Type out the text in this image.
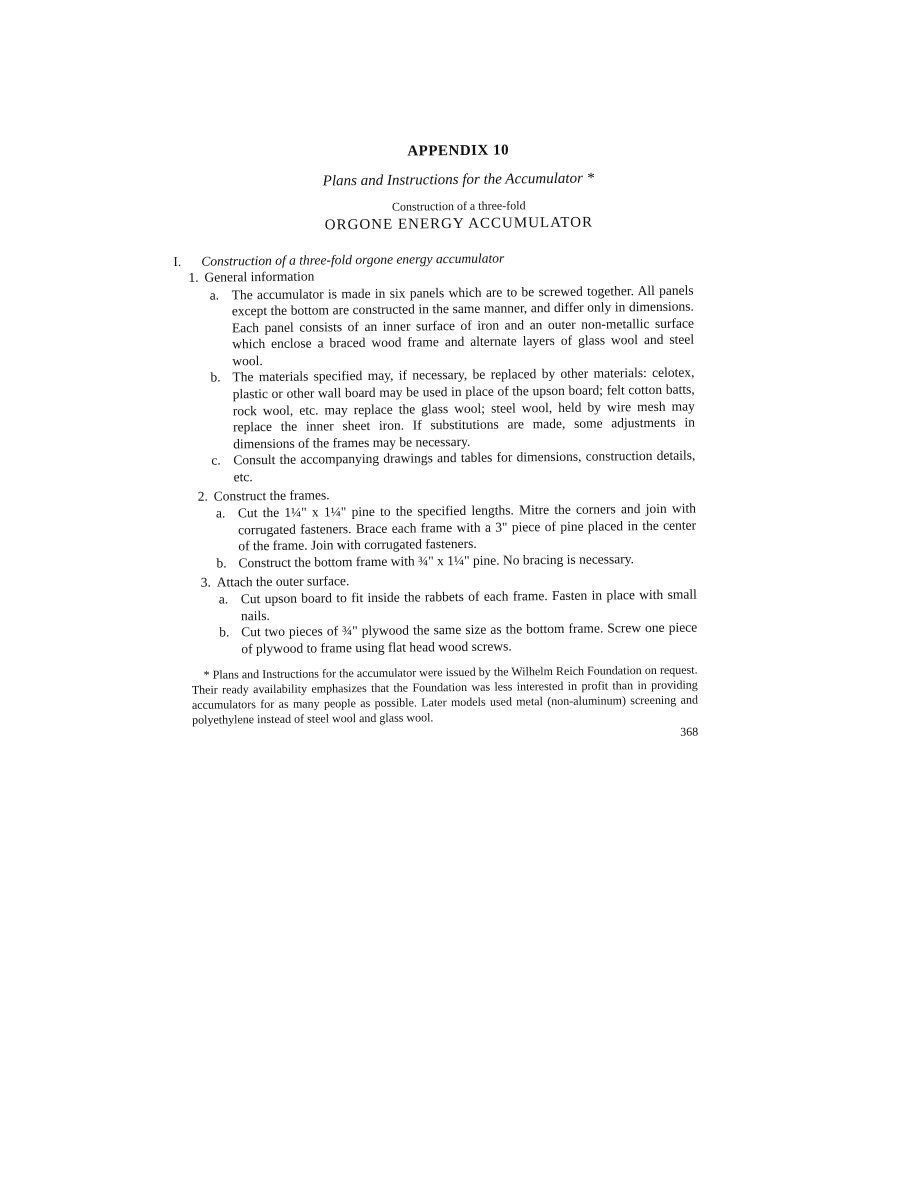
APPENDIX 10
Plans and Instructions for the Accumulator *
Construction of a three-fold
ORGONE ENERGY ACCUMULATOR
I.	Construction of a three-fold orgone energy accumulator
1. General information
a. The accumulator is made in six panels which are to be screwed together. All panels except the bottom are constructed in the same manner, and differ only in dimensions. Each panel consists of an inner surface of iron and an outer non-metallic surface which enclose a braced wood frame and alternate layers of glass wool and steel wool.
b. The materials specified may, if necessary, be replaced by other materials: celotex, plastic or other wall board may be used in place of the upson board; felt cotton batts, rock wool, etc. may replace the glass wool; steel wool, held by wire mesh may replace the inner sheet iron. If substitutions are made, some adjustments in dimensions of the frames may be necessary.
c. Consult the accompanying drawings and tables for dimensions, construction details, etc.
2. Construct the frames.
a. Cut the 1¼" x 1¼" pine to the specified lengths. Mitre the corners and join with corrugated fasteners. Brace each frame with a 3" piece of pine placed in the center of the frame. Join with corrugated fasteners.
b. Construct the bottom frame with ¾" x 1¼" pine. No bracing is necessary.
3. Attach the outer surface.
a. Cut upson board to fit inside the rabbets of each frame. Fasten in place with small nails.
b. Cut two pieces of ¾" plywood the same size as the bottom frame. Screw one piece of plywood to frame using flat head wood screws.
* Plans and Instructions for the accumulator were issued by the Wilhelm Reich Foundation on request. Their ready availability emphasizes that the Foundation was less interested in profit than in providing accumulators for as many people as possible. Later models used metal (non-aluminum) screening and polyethylene instead of steel wool and glass wool.
368
